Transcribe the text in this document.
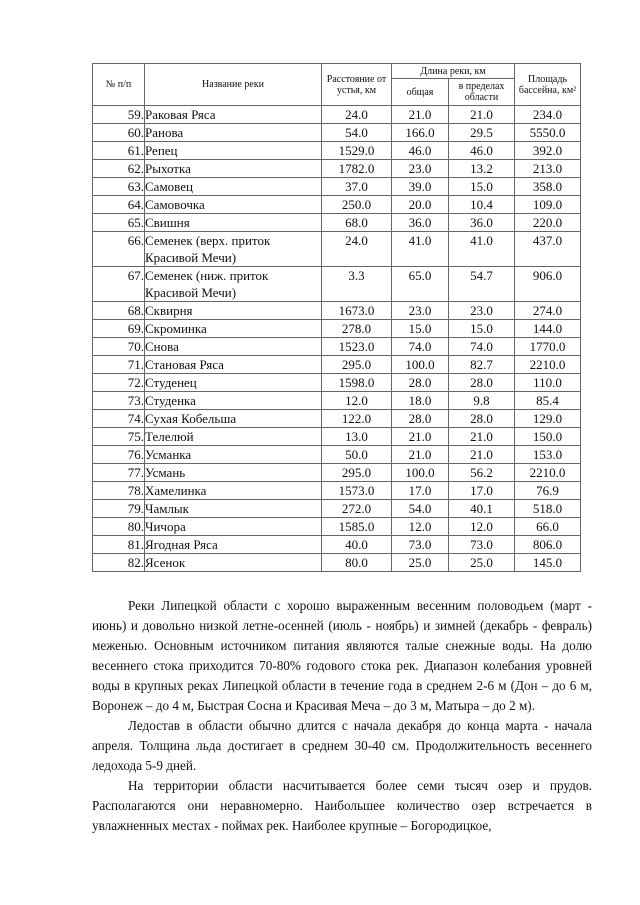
№ п/п	Название реки	Расстояние от устья, км	Длина реки, км		Площадь бассейна, км²
			общая	в пределах области	
59.	Раковая Ряса	24.0	21.0	21.0	234.0
60.	Ранова	54.0	166.0	29.5	5550.0
61.	Репец	1529.0	46.0	46.0	392.0
62.	Рыхотка	1782.0	23.0	13.2	213.0
63.	Самовец	37.0	39.0	15.0	358.0
64.	Самовочка	250.0	20.0	10.4	109.0
65.	Свишня	68.0	36.0	36.0	220.0
66.	Семенек (верх. приток Красивой Мечи)	24.0	41.0	41.0	437.0
67.	Семенек (ниж. приток Красивой Мечи)	3.3	65.0	54.7	906.0
68.	Сквирня	1673.0	23.0	23.0	274.0
69.	Скроминка	278.0	15.0	15.0	144.0
70.	Снова	1523.0	74.0	74.0	1770.0
71.	Становая Ряса	295.0	100.0	82.7	2210.0
72.	Студенец	1598.0	28.0	28.0	110.0
73.	Студенка	12.0	18.0	9.8	85.4
74.	Сухая Кобельша	122.0	28.0	28.0	129.0
75.	Телелюй	13.0	21.0	21.0	150.0
76.	Усманка	50.0	21.0	21.0	153.0
77.	Усмань	295.0	100.0	56.2	2210.0
78.	Хамелинка	1573.0	17.0	17.0	76.9
79.	Чамлык	272.0	54.0	40.1	518.0
80.	Чичора	1585.0	12.0	12.0	66.0
81.	Ягодная Ряса	40.0	73.0	73.0	806.0
82.	Ясенок	80.0	25.0	25.0	145.0

Реки Липецкой области с хорошо выраженным весенним половодьем (март - июнь) и довольно низкой летне-осенней (июль - ноябрь) и зимней (декабрь - февраль) меженью. Основным источником питания являются талые снежные воды. На долю весеннего стока приходится 70-80% годового стока рек. Диапазон колебания уровней воды в крупных реках Липецкой области в течение года в среднем 2-6 м (Дон – до 6 м, Воронеж – до 4 м, Быстрая Сосна и Красивая Меча – до 3 м, Матыра – до 2 м).

Ледостав в области обычно длится с начала декабря до конца марта - начала апреля. Толщина льда достигает в среднем 30-40 см. Продолжительность весеннего ледохода 5-9 дней.

На территории области насчитывается более семи тысяч озер и прудов. Располагаются они неравномерно. Наибольшее количество озер встречается в увлажненных местах - поймах рек. Наиболее крупные – Богородицкое,
